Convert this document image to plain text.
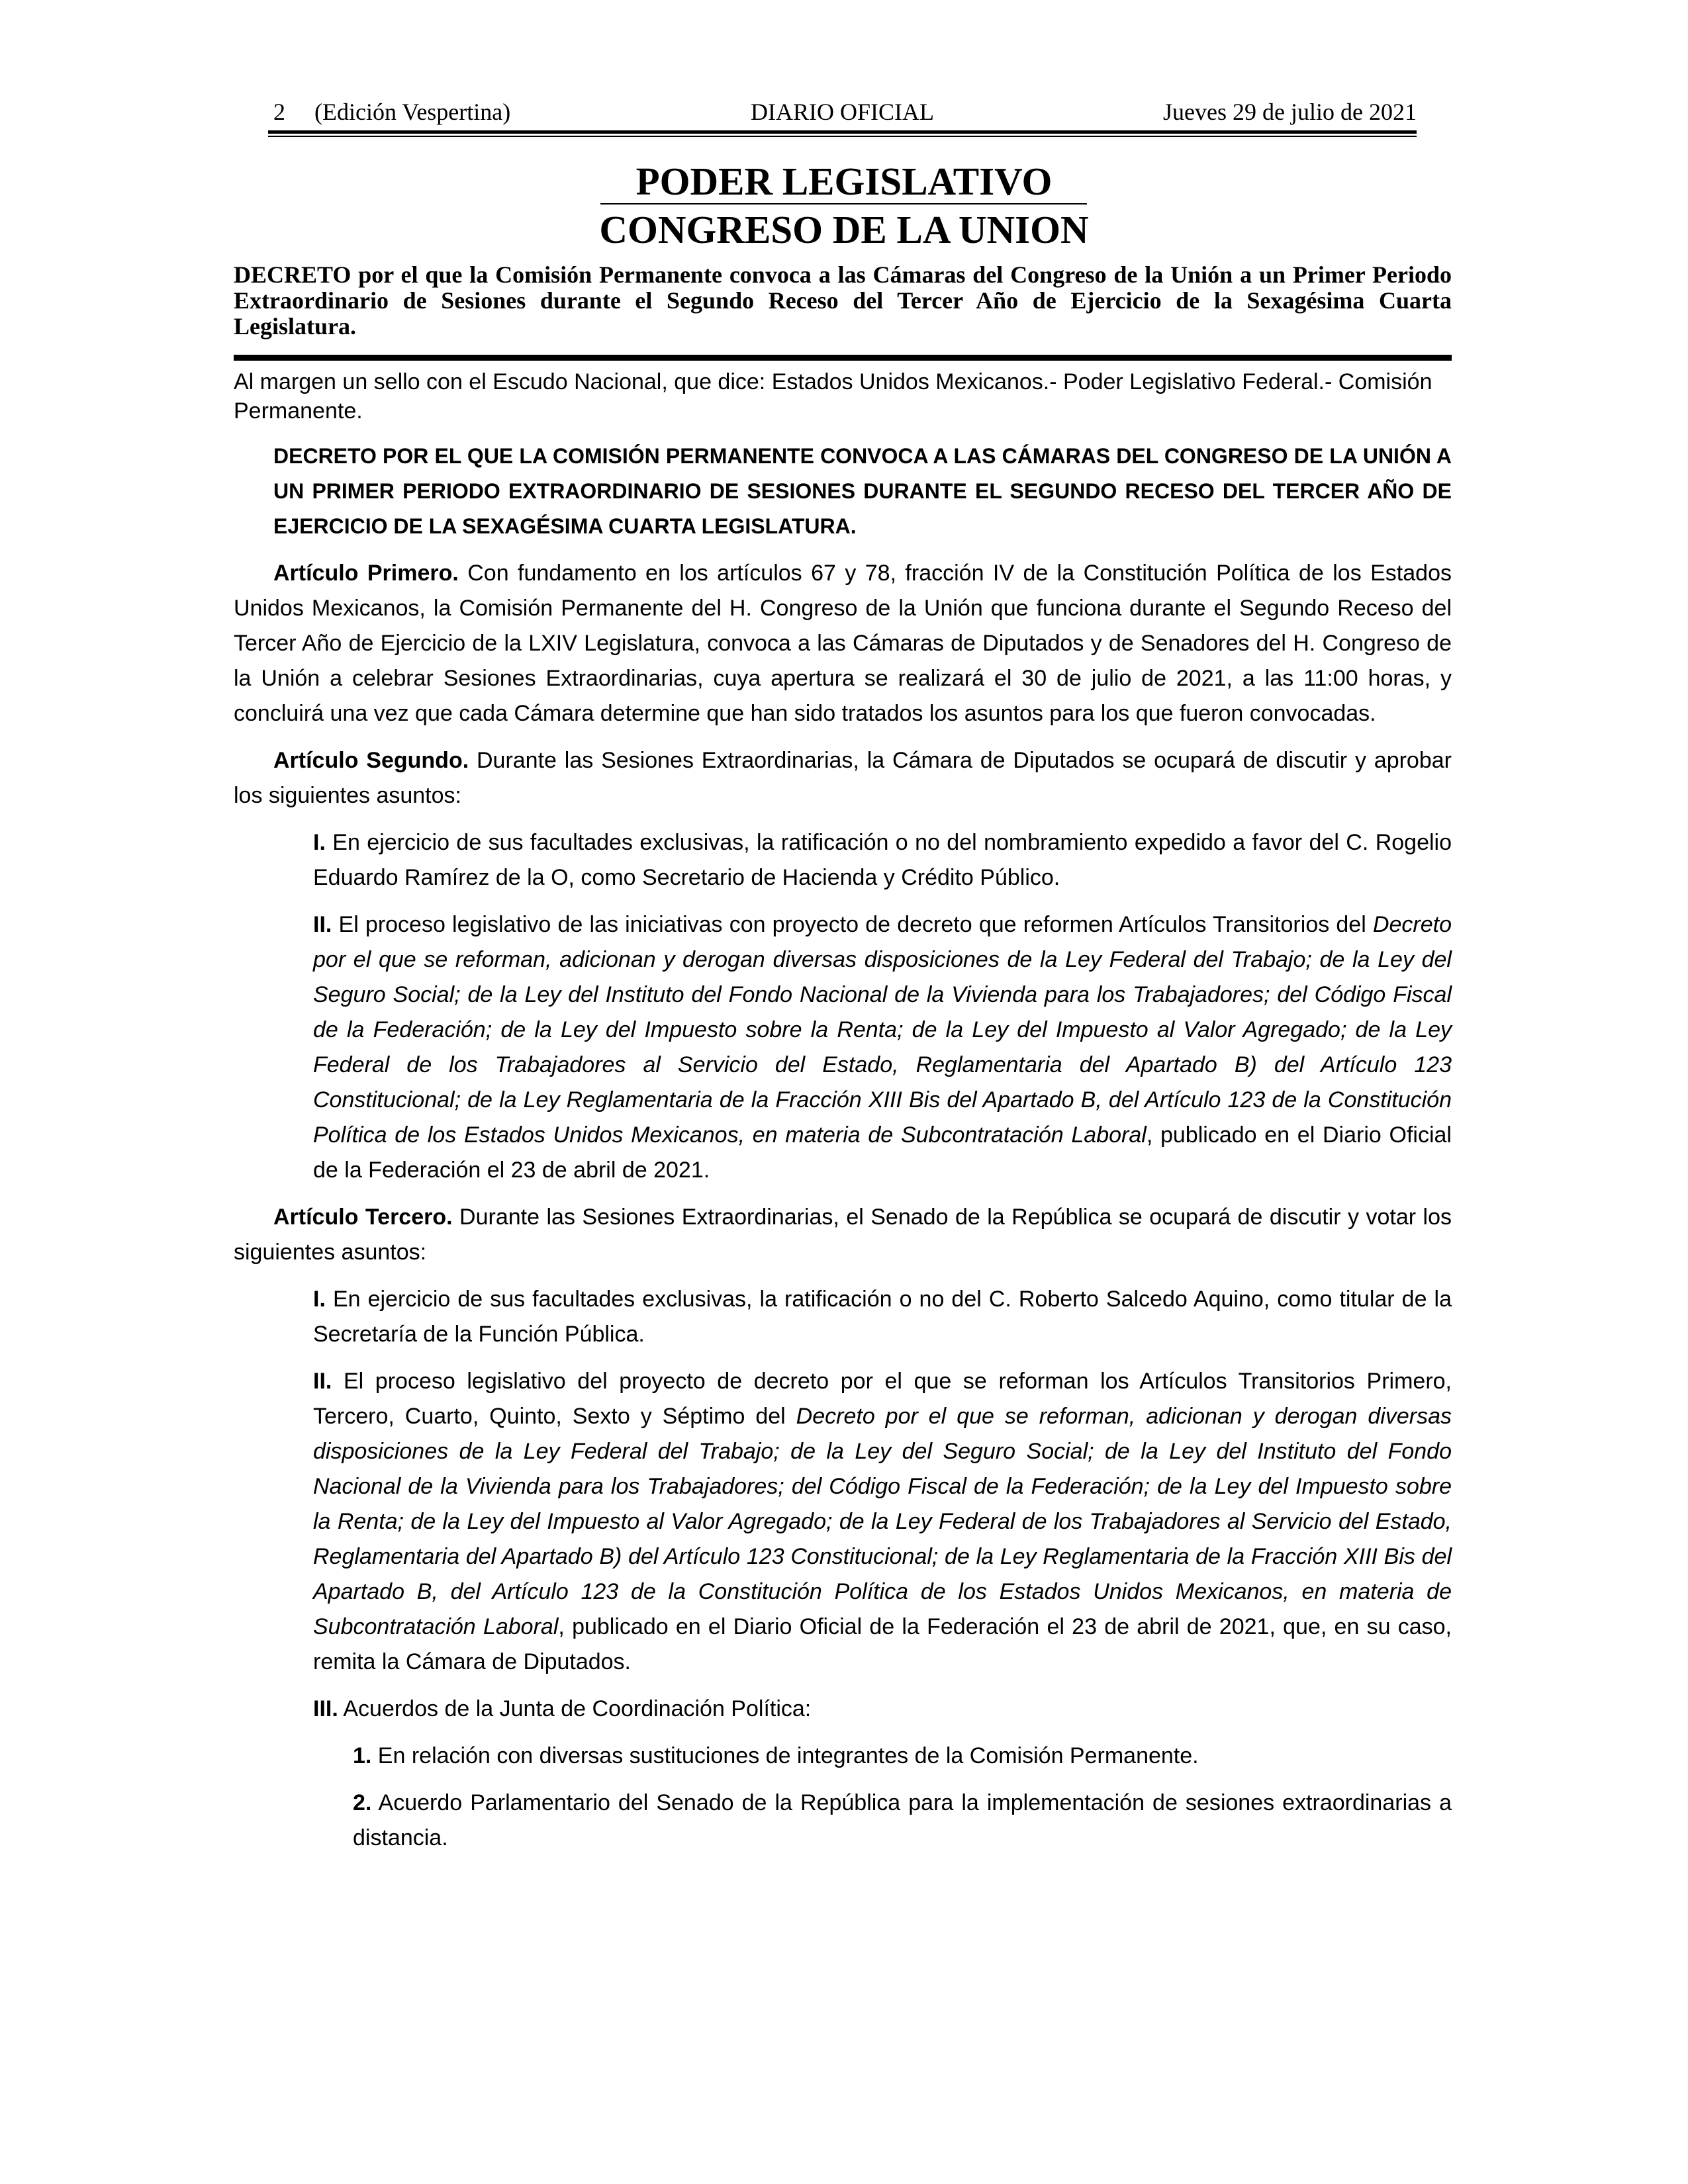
2 (Edición Vespertina)	DIARIO OFICIAL	Jueves 29 de julio de 2021
PODER LEGISLATIVO
CONGRESO DE LA UNION

DECRETO por el que la Comisión Permanente convoca a las Cámaras del Congreso de la Unión a un Primer Periodo Extraordinario de Sesiones durante el Segundo Receso del Tercer Año de Ejercicio de la Sexagésima Cuarta Legislatura.

Al margen un sello con el Escudo Nacional, que dice: Estados Unidos Mexicanos.- Poder Legislativo Federal.- Comisión Permanente.

DECRETO POR EL QUE LA COMISIÓN PERMANENTE CONVOCA A LAS CÁMARAS DEL CONGRESO DE LA UNIÓN A UN PRIMER PERIODO EXTRAORDINARIO DE SESIONES DURANTE EL SEGUNDO RECESO DEL TERCER AÑO DE EJERCICIO DE LA SEXAGÉSIMA CUARTA LEGISLATURA.

Artículo Primero. Con fundamento en los artículos 67 y 78, fracción IV de la Constitución Política de los Estados Unidos Mexicanos, la Comisión Permanente del H. Congreso de la Unión que funciona durante el Segundo Receso del Tercer Año de Ejercicio de la LXIV Legislatura, convoca a las Cámaras de Diputados y de Senadores del H. Congreso de la Unión a celebrar Sesiones Extraordinarias, cuya apertura se realizará el 30 de julio de 2021, a las 11:00 horas, y concluirá una vez que cada Cámara determine que han sido tratados los asuntos para los que fueron convocadas.

Artículo Segundo. Durante las Sesiones Extraordinarias, la Cámara de Diputados se ocupará de discutir y aprobar los siguientes asuntos:

I. En ejercicio de sus facultades exclusivas, la ratificación o no del nombramiento expedido a favor del C. Rogelio Eduardo Ramírez de la O, como Secretario de Hacienda y Crédito Público.

II. El proceso legislativo de las iniciativas con proyecto de decreto que reformen Artículos Transitorios del Decreto por el que se reforman, adicionan y derogan diversas disposiciones de la Ley Federal del Trabajo; de la Ley del Seguro Social; de la Ley del Instituto del Fondo Nacional de la Vivienda para los Trabajadores; del Código Fiscal de la Federación; de la Ley del Impuesto sobre la Renta; de la Ley del Impuesto al Valor Agregado; de la Ley Federal de los Trabajadores al Servicio del Estado, Reglamentaria del Apartado B) del Artículo 123 Constitucional; de la Ley Reglamentaria de la Fracción XIII Bis del Apartado B, del Artículo 123 de la Constitución Política de los Estados Unidos Mexicanos, en materia de Subcontratación Laboral, publicado en el Diario Oficial de la Federación el 23 de abril de 2021.

Artículo Tercero. Durante las Sesiones Extraordinarias, el Senado de la República se ocupará de discutir y votar los siguientes asuntos:

I. En ejercicio de sus facultades exclusivas, la ratificación o no del C. Roberto Salcedo Aquino, como titular de la Secretaría de la Función Pública.

II. El proceso legislativo del proyecto de decreto por el que se reforman los Artículos Transitorios Primero, Tercero, Cuarto, Quinto, Sexto y Séptimo del Decreto por el que se reforman, adicionan y derogan diversas disposiciones de la Ley Federal del Trabajo; de la Ley del Seguro Social; de la Ley del Instituto del Fondo Nacional de la Vivienda para los Trabajadores; del Código Fiscal de la Federación; de la Ley del Impuesto sobre la Renta; de la Ley del Impuesto al Valor Agregado; de la Ley Federal de los Trabajadores al Servicio del Estado, Reglamentaria del Apartado B) del Artículo 123 Constitucional; de la Ley Reglamentaria de la Fracción XIII Bis del Apartado B, del Artículo 123 de la Constitución Política de los Estados Unidos Mexicanos, en materia de Subcontratación Laboral, publicado en el Diario Oficial de la Federación el 23 de abril de 2021, que, en su caso, remita la Cámara de Diputados.

III. Acuerdos de la Junta de Coordinación Política:

1. En relación con diversas sustituciones de integrantes de la Comisión Permanente.

2. Acuerdo Parlamentario del Senado de la República para la implementación de sesiones extraordinarias a distancia.
